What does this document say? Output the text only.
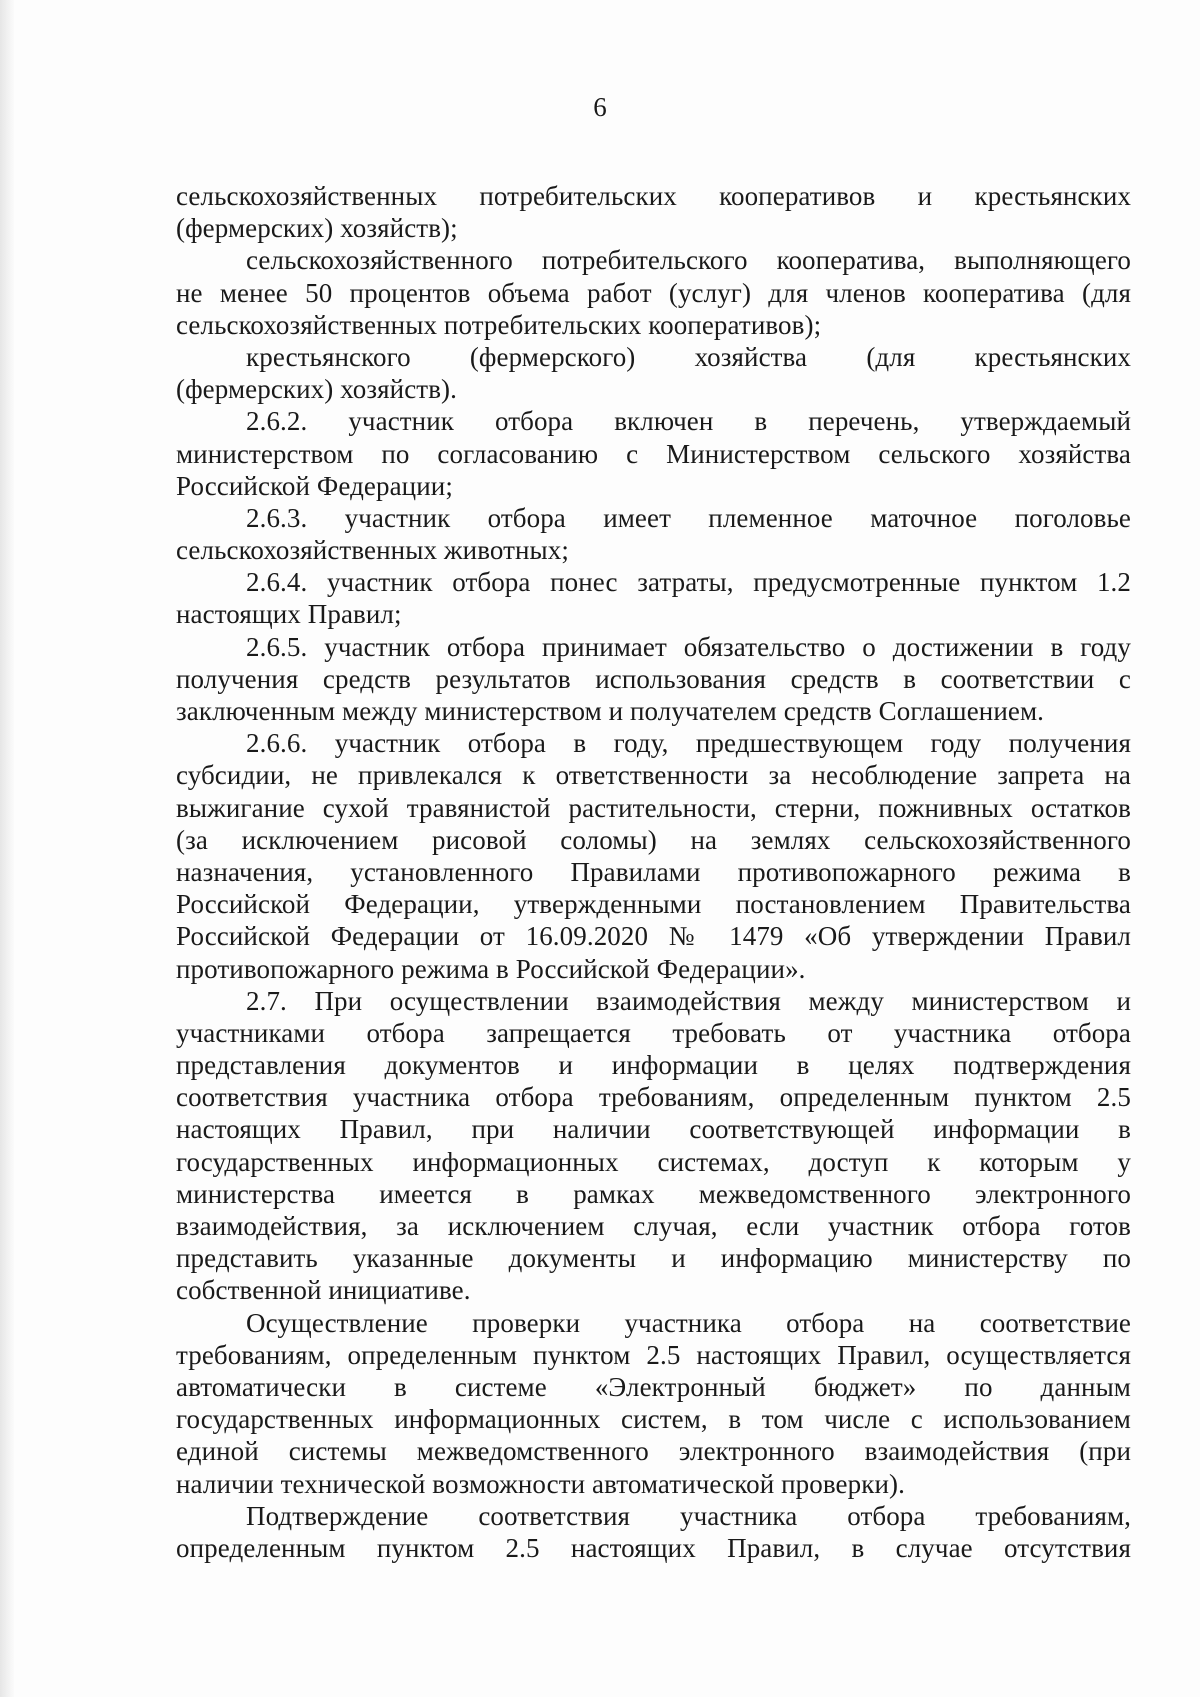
6
сельскохозяйственных потребительских кооперативов и крестьянских
(фермерских) хозяйств);
сельскохозяйственного потребительского кооператива, выполняющего
не менее 50 процентов объема работ (услуг) для членов кооператива (для
сельскохозяйственных потребительских кооперативов);
крестьянского (фермерского) хозяйства (для крестьянских
(фермерских) хозяйств).
2.6.2. участник отбора включен в перечень, утверждаемый
министерством по согласованию с Министерством сельского хозяйства
Российской Федерации;
2.6.3. участник отбора имеет племенное маточное поголовье
сельскохозяйственных животных;
2.6.4. участник отбора понес затраты, предусмотренные пунктом 1.2
настоящих Правил;
2.6.5. участник отбора принимает обязательство о достижении в году
получения средств результатов использования средств в соответствии с
заключенным между министерством и получателем средств Соглашением.
2.6.6. участник отбора в году, предшествующем году получения
субсидии, не привлекался к ответственности за несоблюдение запрета на
выжигание сухой травянистой растительности, стерни, пожнивных остатков
(за исключением рисовой соломы) на землях сельскохозяйственного
назначения, установленного Правилами противопожарного режима в
Российской Федерации, утвержденными постановлением Правительства
Российской Федерации от 16.09.2020 № 1479 «Об утверждении Правил
противопожарного режима в Российской Федерации».
2.7. При осуществлении взаимодействия между министерством и
участниками отбора запрещается требовать от участника отбора
представления документов и информации в целях подтверждения
соответствия участника отбора требованиям, определенным пунктом 2.5
настоящих Правил, при наличии соответствующей информации в
государственных информационных системах, доступ к которым у
министерства имеется в рамках межведомственного электронного
взаимодействия, за исключением случая, если участник отбора готов
представить указанные документы и информацию министерству по
собственной инициативе.
Осуществление проверки участника отбора на соответствие
требованиям, определенным пунктом 2.5 настоящих Правил, осуществляется
автоматически в системе «Электронный бюджет» по данным
государственных информационных систем, в том числе с использованием
единой системы межведомственного электронного взаимодействия (при
наличии технической возможности автоматической проверки).
Подтверждение соответствия участника отбора требованиям,
определенным пунктом 2.5 настоящих Правил, в случае отсутствия
